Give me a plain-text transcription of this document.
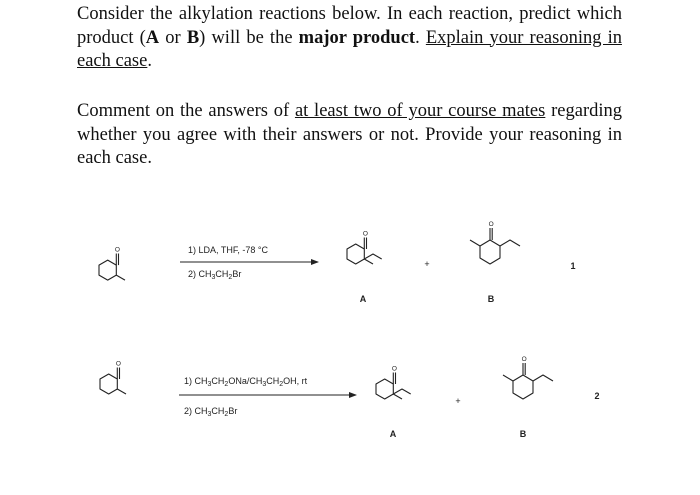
Consider the alkylation reactions below. In each reaction, predict which product (A or B) will be the major product. Explain your reasoning in each case.
Comment on the answers of at least two of your course mates regarding whether you agree with their answers or not. Provide your reasoning in each case.
O	1) LDA, THF, -78 °C
2) $CH_3CH_2Br$
O
+
O
A	B
1
O
1) $CH_3CH_2ONa/CH_3CH_2OH$, rt
2) $CH_3CH_2Br$
O
+
O
A	B
2
